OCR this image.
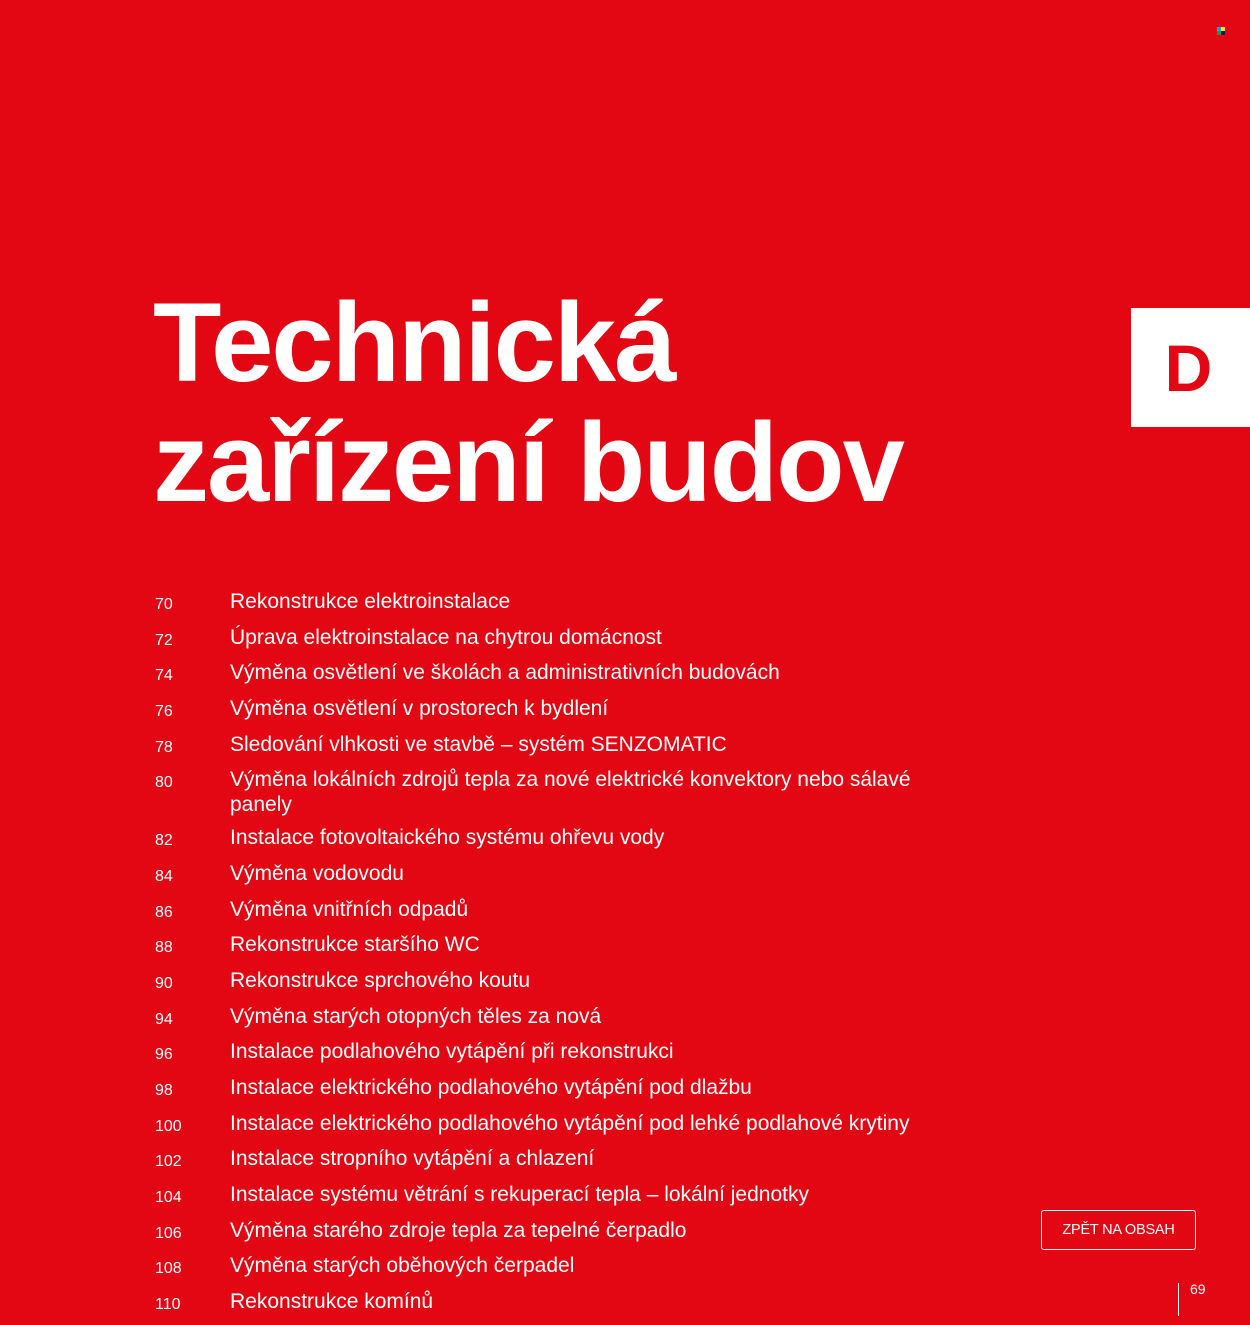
Technická
zařízení budov
D
70	Rekonstrukce elektroinstalace
72	Úprava elektroinstalace na chytrou domácnost
74	Výměna osvětlení ve školách a administrativních budovách
76	Výměna osvětlení v prostorech k bydlení
78	Sledování vlhkosti ve stavbě – systém SENZOMATIC
80	Výměna lokálních zdrojů tepla za nové elektrické konvektory nebo sálavé panely
82	Instalace fotovoltaického systému ohřevu vody
84	Výměna vodovodu
86	Výměna vnitřních odpadů
88	Rekonstrukce staršího WC
90	Rekonstrukce sprchového koutu
94	Výměna starých otopných těles za nová
96	Instalace podlahového vytápění při rekonstrukci
98	Instalace elektrického podlahového vytápění pod dlažbu
100	Instalace elektrického podlahového vytápění pod lehké podlahové krytiny
102	Instalace stropního vytápění a chlazení
104	Instalace systému větrání s rekuperací tepla – lokální jednotky
106	Výměna starého zdroje tepla za tepelné čerpadlo
108	Výměna starých oběhových čerpadel
110	Rekonstrukce komínů
ZPĚT NA OBSAH
69
